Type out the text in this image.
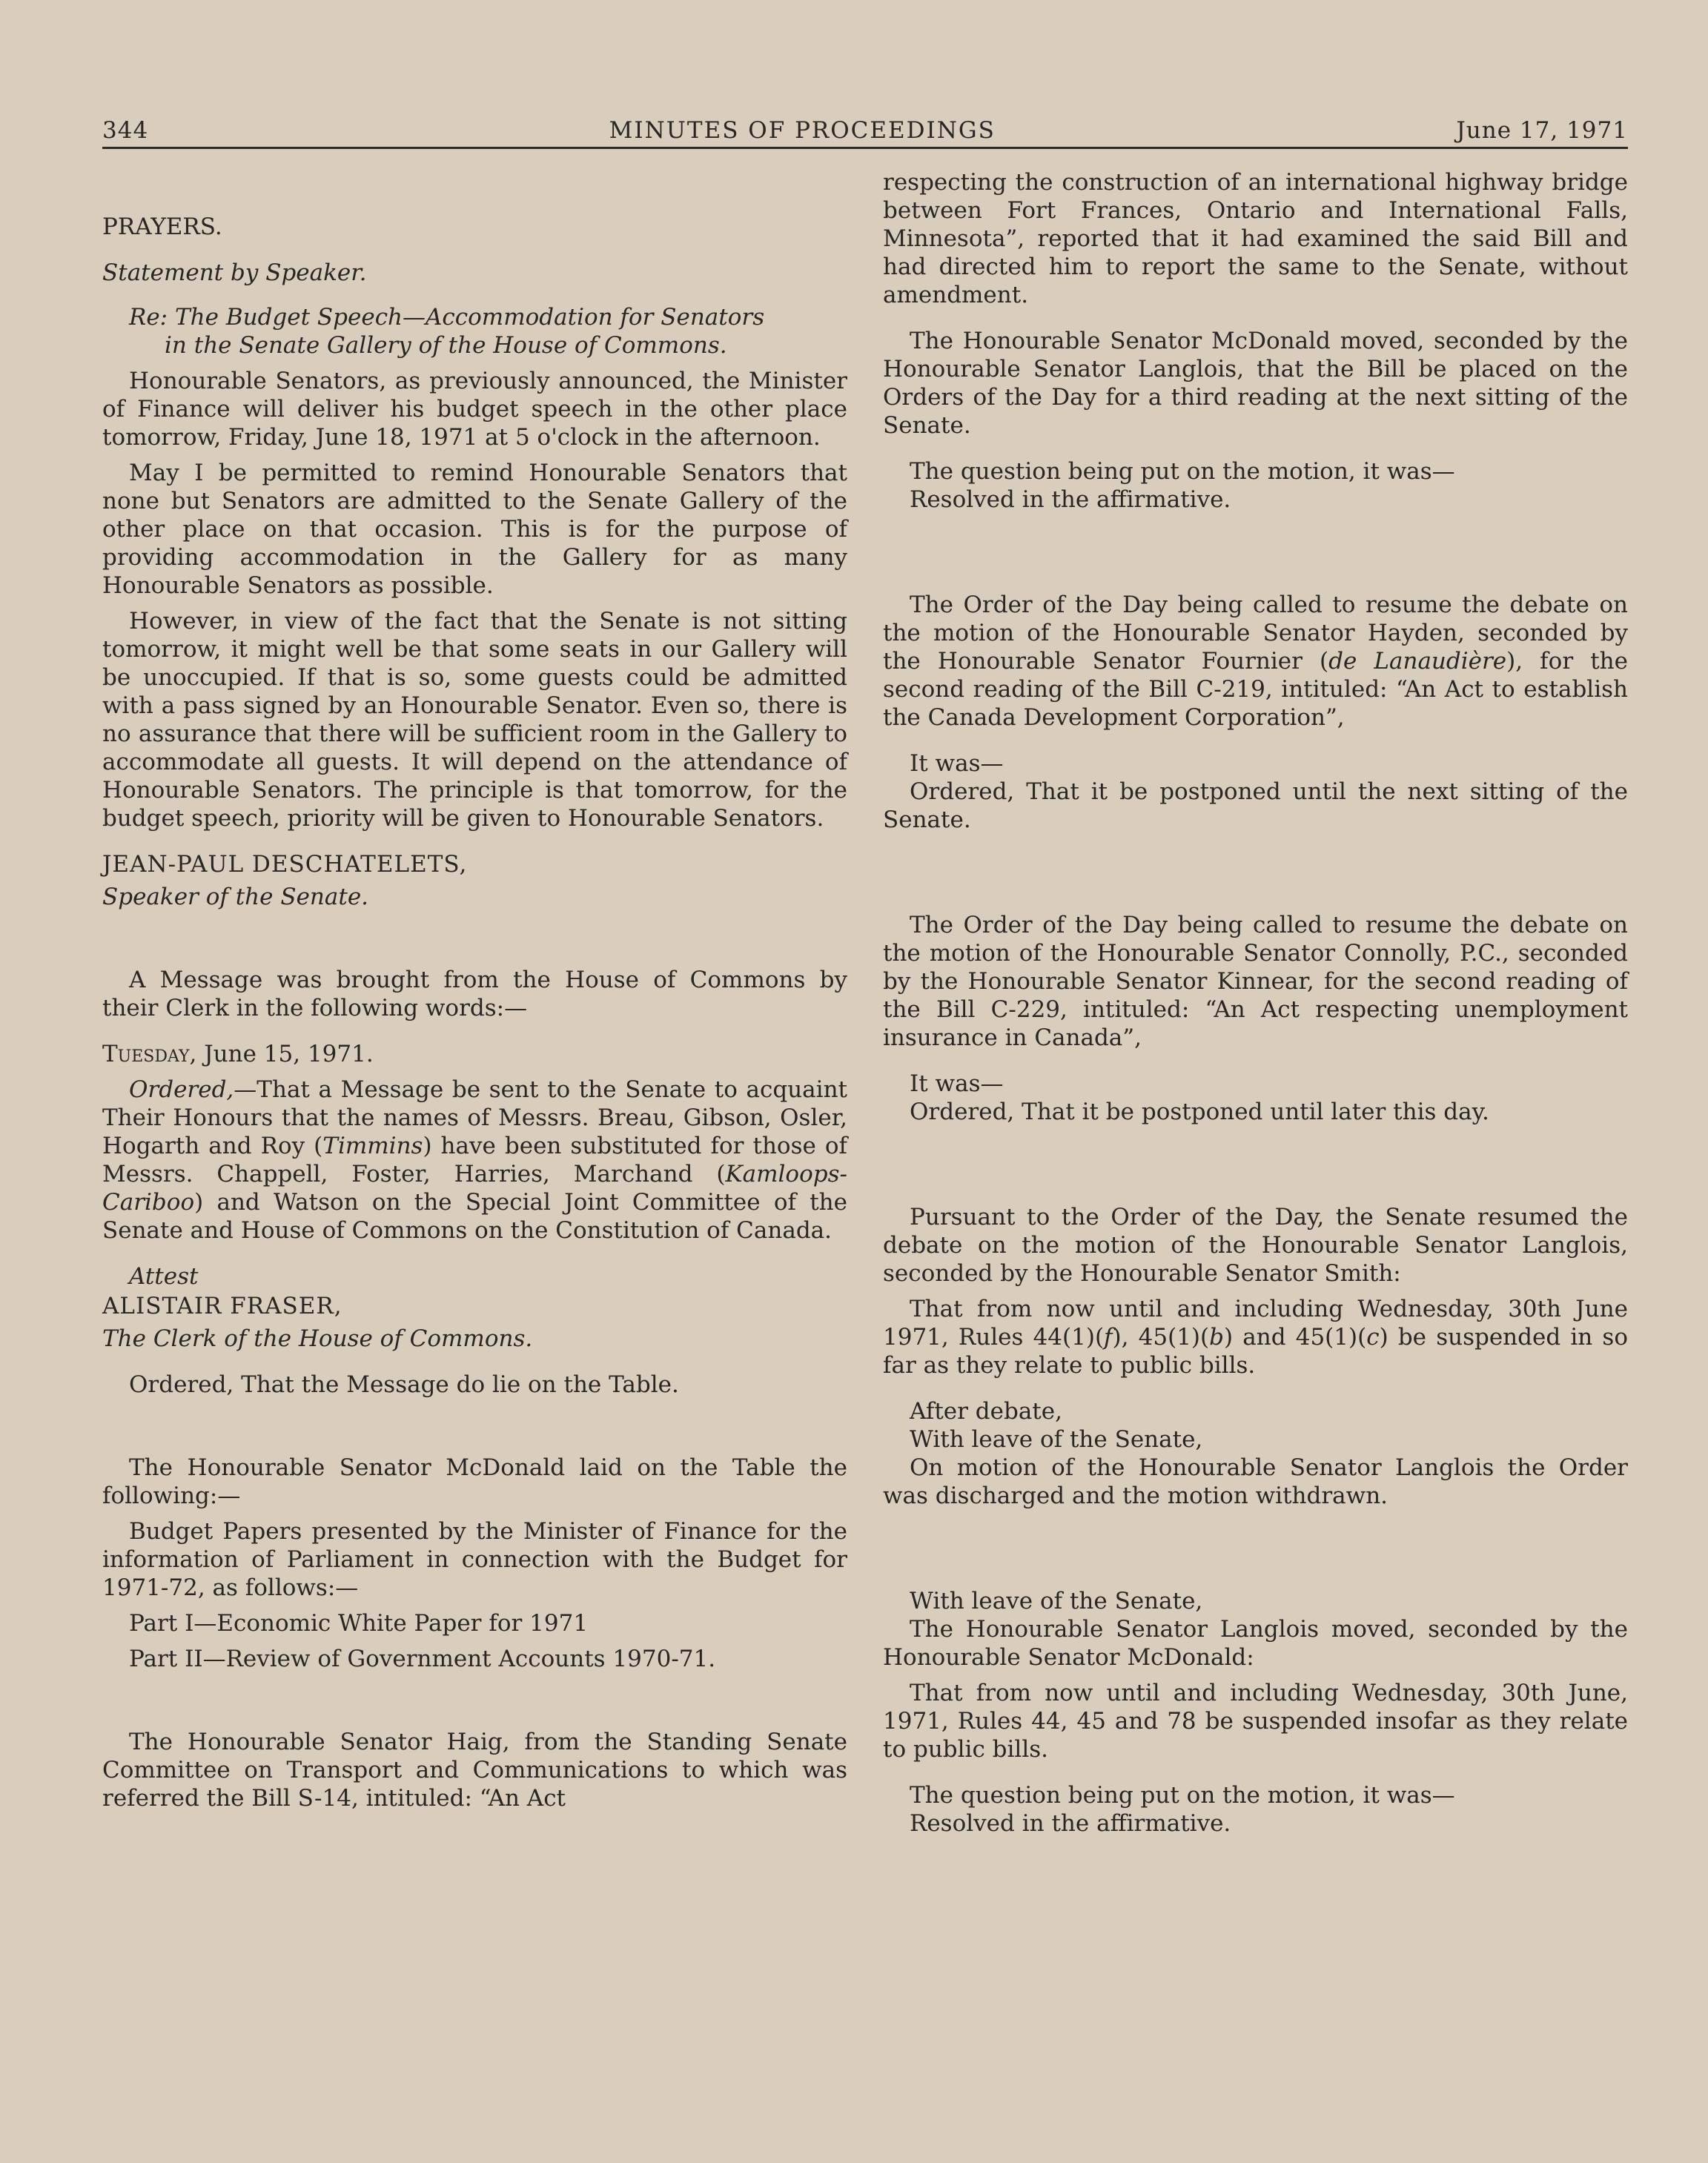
344	MINUTES OF PROCEEDINGS	June 17, 1971

PRAYERS.

Statement by Speaker.

Re: The Budget Speech—Accommodation for Senators

in the Senate Gallery of the House of Commons.

Honourable Senators, as previously announced, the Minister of Finance will deliver his budget speech in the other place tomorrow, Friday, June 18, 1971 at 5 o'clock in the afternoon.

May I be permitted to remind Honourable Senators that none but Senators are admitted to the Senate Gallery of the other place on that occasion. This is for the purpose of providing accommodation in the Gallery for as many Honourable Senators as possible.

However, in view of the fact that the Senate is not sitting tomorrow, it might well be that some seats in our Gallery will be unoccupied. If that is so, some guests could be admitted with a pass signed by an Honourable Senator. Even so, there is no assurance that there will be sufficient room in the Gallery to accommodate all guests. It will depend on the attendance of Honourable Senators. The principle is that tomorrow, for the budget speech, priority will be given to Honourable Senators.

JEAN-PAUL DESCHATELETS,

Speaker of the Senate.

A Message was brought from the House of Commons by their Clerk in the following words:—

Tuesday, June 15, 1971.

Ordered,—That a Message be sent to the Senate to acquaint Their Honours that the names of Messrs. Breau, Gibson, Osler, Hogarth and Roy (Timmins) have been substituted for those of Messrs. Chappell, Foster, Harries, Marchand (Kamloops-Cariboo) and Watson on the Special Joint Committee of the Senate and House of Commons on the Constitution of Canada.

Attest

ALISTAIR FRASER,

The Clerk of the House of Commons.

Ordered, That the Message do lie on the Table.

The Honourable Senator McDonald laid on the Table the following:—

Budget Papers presented by the Minister of Finance for the information of Parliament in connection with the Budget for 1971-72, as follows:—

Part I—Economic White Paper for 1971

Part II—Review of Government Accounts 1970-71.

The Honourable Senator Haig, from the Standing Senate Committee on Transport and Communications to which was referred the Bill S-14, intituled: “An Act

respecting the construction of an international highway bridge between Fort Frances, Ontario and International Falls, Minnesota”, reported that it had examined the said Bill and had directed him to report the same to the Senate, without amendment.

The Honourable Senator McDonald moved, seconded by the Honourable Senator Langlois, that the Bill be placed on the Orders of the Day for a third reading at the next sitting of the Senate.

The question being put on the motion, it was—

Resolved in the affirmative.

The Order of the Day being called to resume the debate on the motion of the Honourable Senator Hayden, seconded by the Honourable Senator Fournier (de Lanaudière), for the second reading of the Bill C-219, intituled: “An Act to establish the Canada Development Corporation”,

It was—

Ordered, That it be postponed until the next sitting of the Senate.

The Order of the Day being called to resume the debate on the motion of the Honourable Senator Connolly, P.C., seconded by the Honourable Senator Kinnear, for the second reading of the Bill C-229, intituled: “An Act respecting unemployment insurance in Canada”,

It was—

Ordered, That it be postponed until later this day.

Pursuant to the Order of the Day, the Senate resumed the debate on the motion of the Honourable Senator Langlois, seconded by the Honourable Senator Smith:

That from now until and including Wednesday, 30th June 1971, Rules 44(1)(f), 45(1)(b) and 45(1)(c) be suspended in so far as they relate to public bills.

After debate,

With leave of the Senate,

On motion of the Honourable Senator Langlois the Order was discharged and the motion withdrawn.

With leave of the Senate,

The Honourable Senator Langlois moved, seconded by the Honourable Senator McDonald:

That from now until and including Wednesday, 30th June, 1971, Rules 44, 45 and 78 be suspended insofar as they relate to public bills.

The question being put on the motion, it was—

Resolved in the affirmative.
